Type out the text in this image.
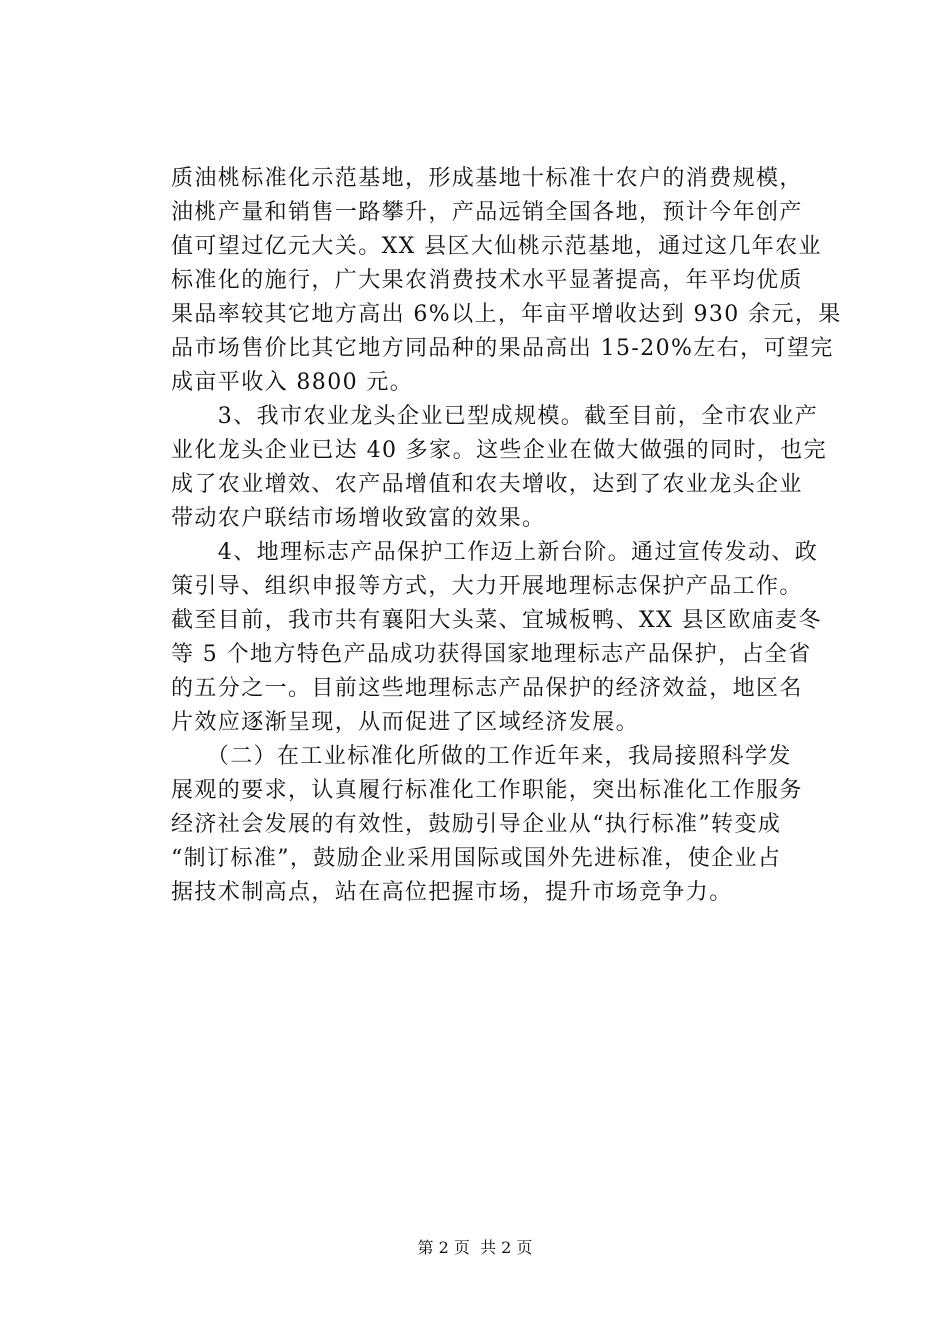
质油桃标准化示范基地，形成基地十标准十农户的消费规模，
油桃产量和销售一路攀升，产品远销全国各地，预计今年创产
值可望过亿元大关。XX 县区大仙桃示范基地，通过这几年农业
标准化的施行，广大果农消费技术水平显著提高，年平均优质
果品率较其它地方高出 6%以上，年亩平增收达到 930 余元，果
品市场售价比其它地方同品种的果品高出 15-20%左右，可望完
成亩平收入 8800 元。
　　3、我市农业龙头企业已型成规模。截至目前，全市农业产
业化龙头企业已达 40 多家。这些企业在做大做强的同时，也完
成了农业增效、农产品增值和农夫增收，达到了农业龙头企业
带动农户联结市场增收致富的效果。
　　4、地理标志产品保护工作迈上新台阶。通过宣传发动、政
策引导、组织申报等方式，大力开展地理标志保护产品工作。
截至目前，我市共有襄阳大头菜、宜城板鸭、XX 县区欧庙麦冬
等 5 个地方特色产品成功获得国家地理标志产品保护，占全省
的五分之一。目前这些地理标志产品保护的经济效益，地区名
片效应逐渐呈现，从而促进了区域经济发展。
　　（二）在工业标准化所做的工作近年来，我局接照科学发
展观的要求，认真履行标准化工作职能，突出标准化工作服务
经济社会发展的有效性，鼓励引导企业从“执行标准”转变成
“制订标准”，鼓励企业采用国际或国外先进标准，使企业占
据技术制高点，站在高位把握市场，提升市场竞争力。
第 2 页  共 2 页
